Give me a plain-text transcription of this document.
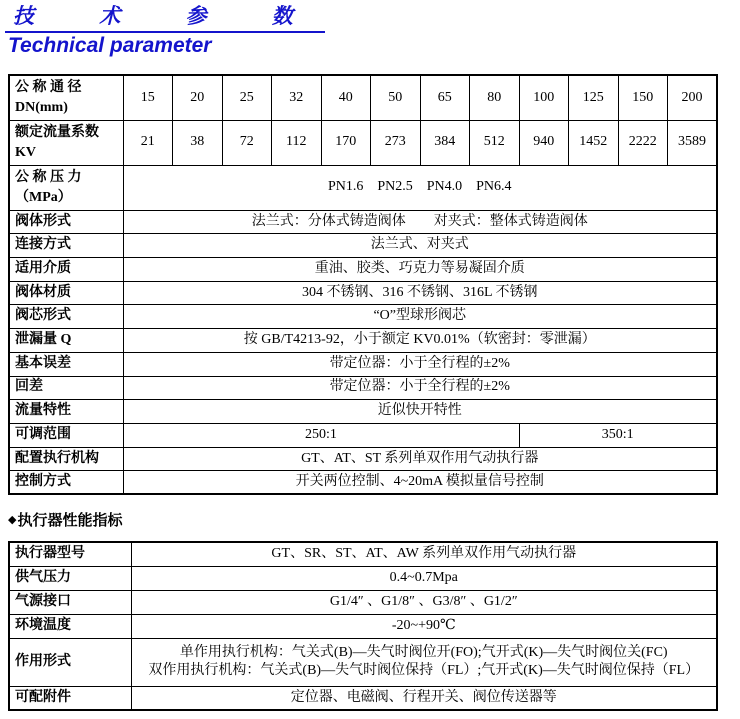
技 术 参 数
Technical parameter
公 称 通 径
DN(mm)	15	20	25	32	40	50	65	80	100	125	150	200

额定流量系数
KV	21	38	72	112	170	273	384	512	940	1452	2222	3589

公 称 压 力
（MPa）	PN1.6　PN2.5　PN4.0　PN6.4											
阀体形式	法兰式：分体式铸造阀体　　对夹式：整体式铸造阀体											
连接方式	法兰式、对夹式											
适用介质	重油、胶类、巧克力等易凝固介质											
阀体材质	304 不锈钢、316 不锈钢、316L 不锈钢											
阀芯形式	“O”型球形阀芯											
泄漏量 Q	按 GB/T4213-92，小于额定 KV0.01%（软密封：零泄漏）											
基本误差	带定位器：小于全行程的±2%											
回差	带定位器：小于全行程的±2%											
流量特性	近似快开特性											
可调范围	250:1								350:1			
配置执行机构	GT、AT、ST 系列单双作用气动执行器											
控制方式	开关两位控制、4~20mA 模拟量信号控制											
◆执行器性能指标
执行器型号	GT、SR、ST、AT、AW 系列单双作用气动执行器
供气压力	0.4~0.7Mpa
气源接口	G1/4″ 、G1/8″ 、G3/8″ 、G1/2″
环境温度	-20~+90℃
作用形式	单作用执行机构：气关式(B)—失气时阀位开(FO);气开式(K)—失气时阀位关(FC)
双作用执行机构：气关式(B)—失气时阀位保持（FL）;气开式(K)—失气时阀位保持（FL）

可配附件	定位器、电磁阀、行程开关、阀位传送器等
